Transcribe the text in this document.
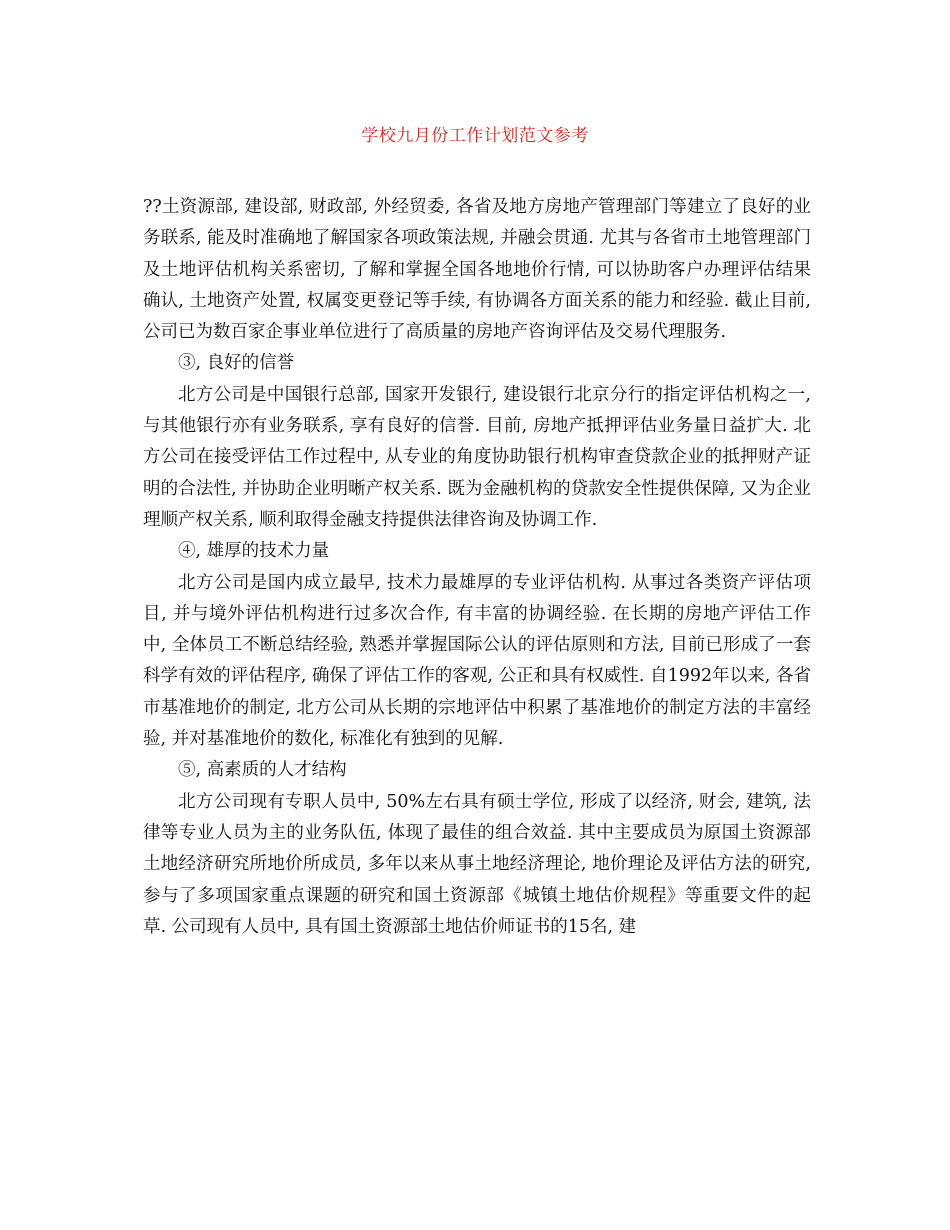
学校九月份工作计划范文参考

??土资源部, 建设部, 财政部, 外经贸委, 各省及地方房地产管理部门等建立了良好的业务联系, 能及时准确地了解国家各项政策法规, 并融会贯通. 尤其与各省市土地管理部门及土地评估机构关系密切, 了解和掌握全国各地地价行情, 可以协助客户办理评估结果确认, 土地资产处置, 权属变更登记等手续, 有协调各方面关系的能力和经验. 截止目前, 公司已为数百家企事业单位进行了高质量的房地产咨询评估及交易代理服务.

③, 良好的信誉

北方公司是中国银行总部, 国家开发银行, 建设银行北京分行的指定评估机构之一, 与其他银行亦有业务联系, 享有良好的信誉. 目前, 房地产抵押评估业务量日益扩大. 北方公司在接受评估工作过程中, 从专业的角度协助银行机构审查贷款企业的抵押财产证明的合法性, 并协助企业明晰产权关系. 既为金融机构的贷款安全性提供保障, 又为企业理顺产权关系, 顺利取得金融支持提供法律咨询及协调工作.

④, 雄厚的技术力量

北方公司是国内成立最早, 技术力最雄厚的专业评估机构. 从事过各类资产评估项目, 并与境外评估机构进行过多次合作, 有丰富的协调经验. 在长期的房地产评估工作中, 全体员工不断总结经验, 熟悉并掌握国际公认的评估原则和方法, 目前已形成了一套科学有效的评估程序, 确保了评估工作的客观, 公正和具有权威性. 自1992年以来, 各省市基准地价的制定, 北方公司从长期的宗地评估中积累了基准地价的制定方法的丰富经验, 并对基准地价的数化, 标准化有独到的见解.

⑤, 高素质的人才结构

北方公司现有专职人员中, 50%左右具有硕士学位, 形成了以经济, 财会, 建筑, 法律等专业人员为主的业务队伍, 体现了最佳的组合效益. 其中主要成员为原国土资源部土地经济研究所地价所成员, 多年以来从事土地经济理论, 地价理论及评估方法的研究, 参与了多项国家重点课题的研究和国土资源部《城镇土地估价规程》等重要文件的起草. 公司现有人员中, 具有国土资源部土地估价师证书的15名, 建
